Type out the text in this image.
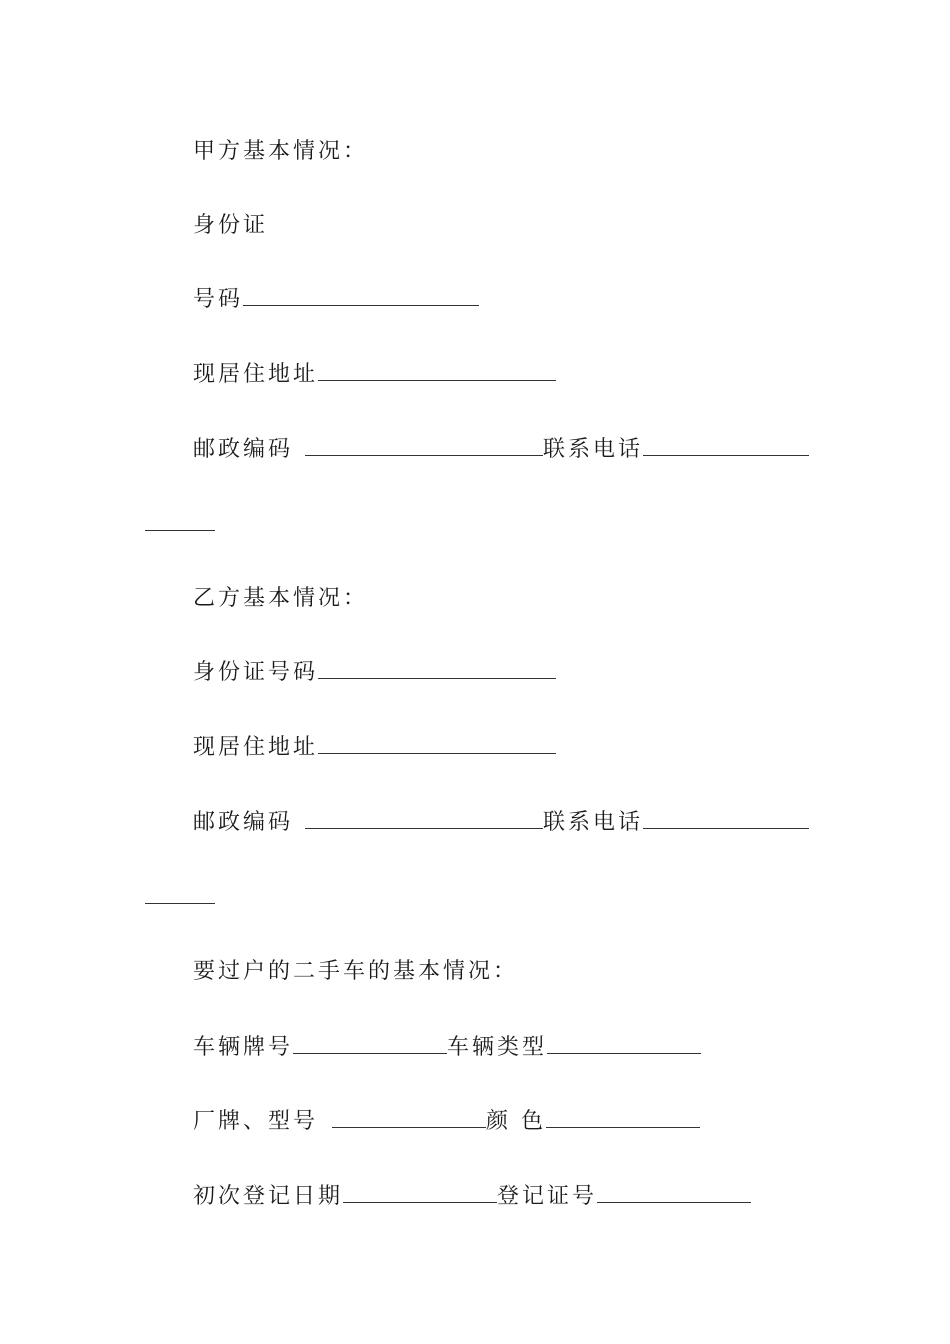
甲方基本情况：
身份证
号码
现居住地址
邮政编码	联系电话
乙方基本情况：
身份证号码
现居住地址
邮政编码	联系电话
要过户的二手车的基本情况：
车辆牌号	车辆类型
厂牌、型号	颜 色
初次登记日期	登记证号
